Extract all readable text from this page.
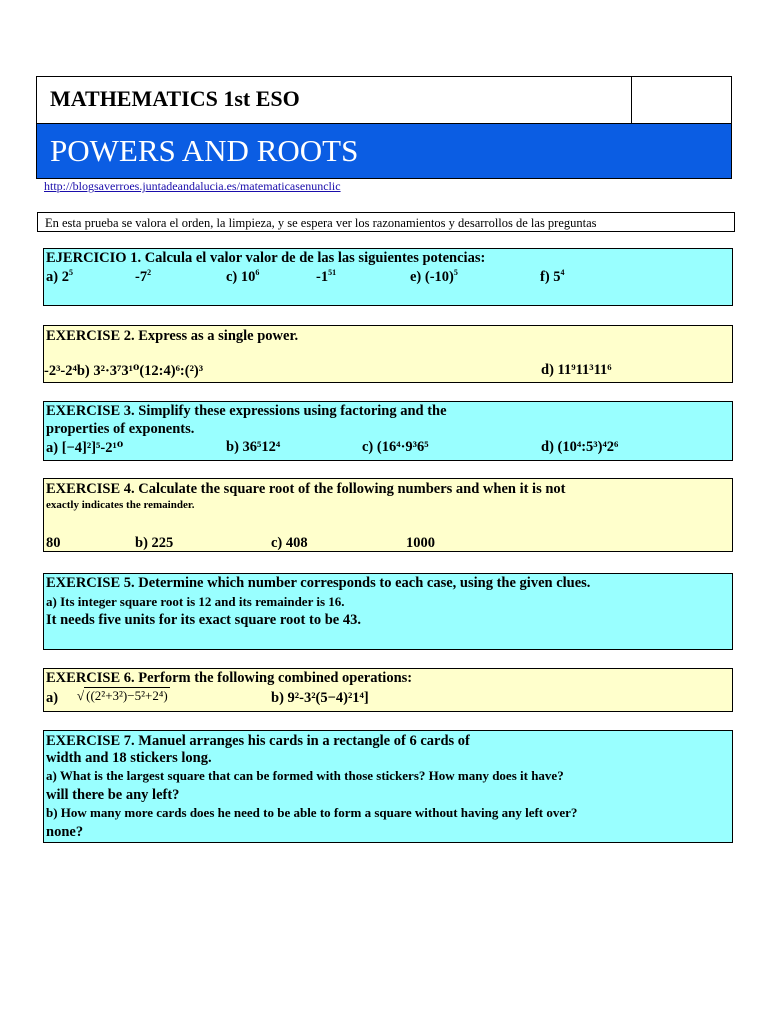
MATHEMATICS 1st ESO
POWERS AND ROOTS
http://blogsaverroes.juntadeandalucia.es/matematicasenunclic
En esta prueba se valora el orden, la limpieza, y se espera ver los razonamientos y desarrollos de las preguntas
EJERCICIO 1. Calcula el valor valor de de las las siguientes potencias:
a) $2^5$	$-7^2$	c) $10^6$	$-1^{51}$	e) $(-10)^5$	f) $5^4$
EXERCISE 2. Express as a single power.
-2³-2⁴b) 3²·3⁷3¹⁰(12:4)⁶:(²)³	d) 11⁹11³11⁶
EXERCISE 3. Simplify these expressions using factoring and the
properties of exponents.
a) [−4]²]⁵-2¹⁰	b) 36⁵12⁴	c) (16⁴·9³6⁵	d) (10⁴:5³)⁴2⁶
EXERCISE 4. Calculate the square root of the following numbers and when it is not
exactly indicates the remainder.
80	b) 225	c) 408	1000
EXERCISE 5. Determine which number corresponds to each case, using the given clues.
a) Its integer square root is 12 and its remainder is 16.
It needs five units for its exact square root to be 43.
EXERCISE 6. Perform the following combined operations:
a) √ ((2²+3²)−5²+2⁴)	b) 9²-3²(5−4)²1⁴]
EXERCISE 7. Manuel arranges his cards in a rectangle of 6 cards of
width and 18 stickers long.
a) What is the largest square that can be formed with those stickers? How many does it have?
will there be any left?
b) How many more cards does he need to be able to form a square without having any left over?
none?
